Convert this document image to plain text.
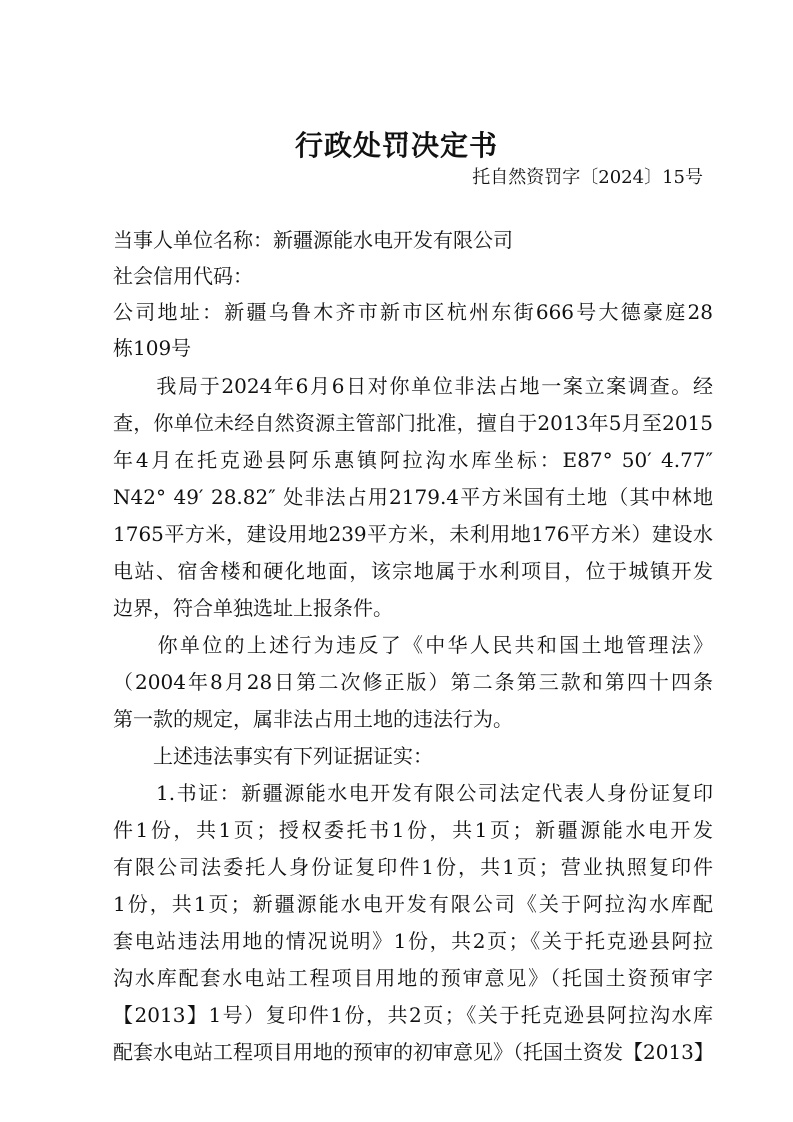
行政处罚决定书
托自然资罚字〔2024〕15号
当事人单位名称：新疆源能水电开发有限公司
社会信用代码：
公司地址：新疆乌鲁木齐市新市区杭州东街666号大德豪庭28
栋109号
　　我局于2024年6月6日对你单位非法占地一案立案调查。经
查，你单位未经自然资源主管部门批准，擅自于2013年5月至2015
年4月在托克逊县阿乐惠镇阿拉沟水库坐标：E87° 50′ 4.77″
N42° 49′ 28.82″ 处非法占用2179.4平方米国有土地（其中林地
1765平方米，建设用地239平方米，未利用地176平方米）建设水
电站、宿舍楼和硬化地面，该宗地属于水利项目，位于城镇开发
边界，符合单独选址上报条件。
　　你单位的上述行为违反了《中华人民共和国土地管理法》
（2004年8月28日第二次修正版）第二条第三款和第四十四条
第一款的规定，属非法占用土地的违法行为。
　　上述违法事实有下列证据证实：
　　1.书证：新疆源能水电开发有限公司法定代表人身份证复印
件1份，共1页；授权委托书1份，共1页；新疆源能水电开发
有限公司法委托人身份证复印件1份，共1页；营业执照复印件
1份，共1页；新疆源能水电开发有限公司《关于阿拉沟水库配
套电站违法用地的情况说明》1份，共2页；《关于托克逊县阿拉
沟水库配套水电站工程项目用地的预审意见》（托国土资预审字
【2013】1号）复印件1份，共2页；《关于托克逊县阿拉沟水库
配套水电站工程项目用地的预审的初审意见》（托国土资发【2013】
